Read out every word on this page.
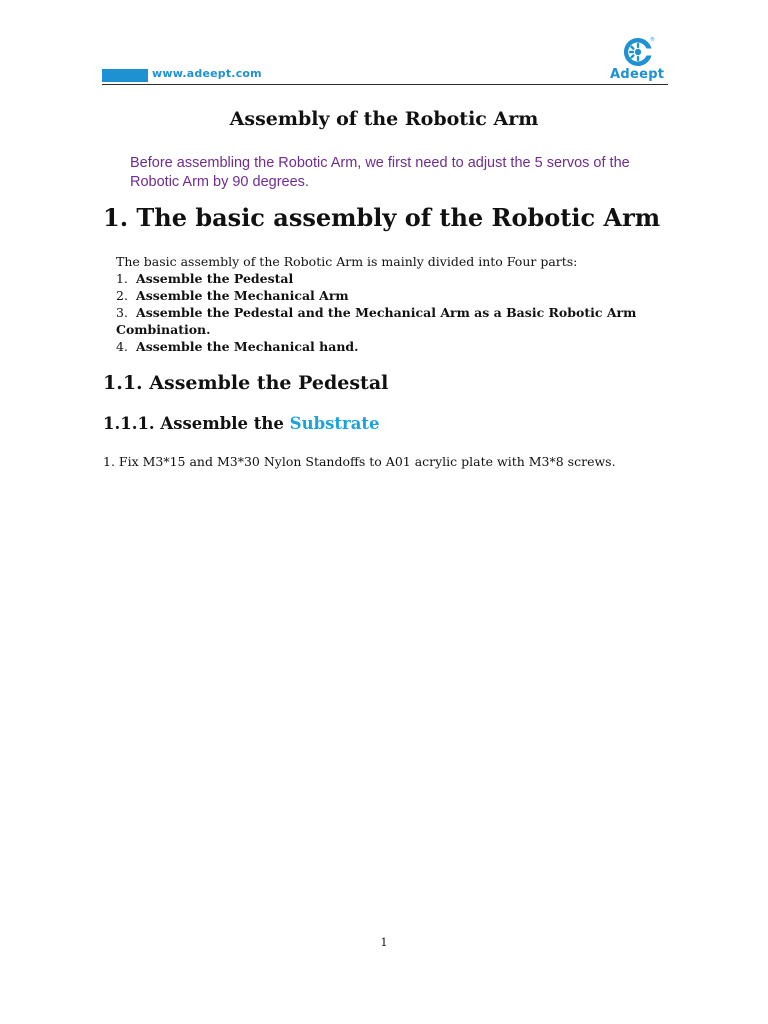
www.adeept.com
®
Adeept
Assembly of the Robotic Arm
Before assembling the Robotic Arm, we first need to adjust the 5 servos of the Robotic Arm by 90 degrees.
1. The basic assembly of the Robotic Arm
The basic assembly of the Robotic Arm is mainly divided into Four parts:
1. Assemble the Pedestal
2. Assemble the Mechanical Arm
3. Assemble the Pedestal and the Mechanical Arm as a Basic Robotic Arm Combination.
4. Assemble the Mechanical hand.
1.1. Assemble the Pedestal
1.1.1. Assemble the Substrate
1. Fix M3*15 and M3*30 Nylon Standoffs to A01 acrylic plate with M3*8 screws.
1
